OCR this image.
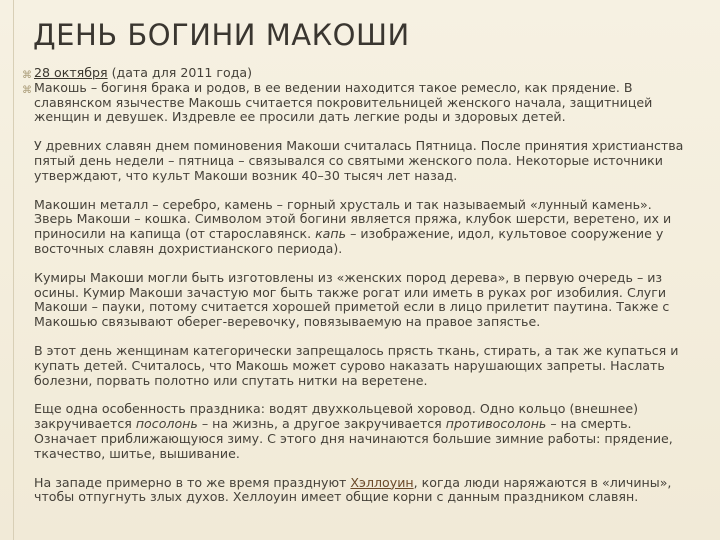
ДЕНЬ БОГИНИ МАКОШИ
⌘
⌘

28 октября (дата для 2011 года)
Макошь – богиня брака и родов, в ее ведении находится такое ремесло, как прядение. В славянском язычестве Макошь считается покровительницей женского начала, защитницей женщин и девушек. Издревле ее просили дать легкие роды и здоровых детей.

У древних славян днем поминовения Макоши считалась Пятница. После принятия христианства пятый день недели – пятница – связывался со святыми женского пола. Некоторые источники утверждают, что культ Макоши возник 40–30 тысяч лет назад.

Макошин металл – серебро, камень – горный хрусталь и так называемый «лунный камень». Зверь Макоши – кошка. Символом этой богини является пряжа, клубок шерсти, веретено, их и приносили на капища (от старославянск. капь – изображение, идол, культовое сооружение у восточных славян дохристианского периода).

Кумиры Макоши могли быть изготовлены из «женских пород дерева», в первую очередь – из осины. Кумир Макоши зачастую мог быть также рогат или иметь в руках рог изобилия. Слуги Макоши – пауки, потому считается хорошей приметой если в лицо прилетит паутина. Также с Макошью связывают оберег-веревочку, повязываемую на правое запястье.

В этот день женщинам категорически запрещалось прясть ткань, стирать, а так же купаться и купать детей. Считалось, что Макошь может сурово наказать нарушающих запреты. Наслать болезни, порвать полотно или спутать нитки на веретене.

Еще одна особенность праздника: водят двухкольцевой хоровод. Одно кольцо (внешнее) закручивается посолонь – на жизнь, а другое закручивается противосолонь – на смерть. Означает приближающуюся зиму. С этого дня начинаются большие зимние работы: прядение, ткачество, шитье, вышивание.

На западе примерно в то же время празднуют Хэллоуин, когда люди наряжаются в «личины», чтобы отпугнуть злых духов. Хеллоуин имеет общие корни с данным праздником славян.
